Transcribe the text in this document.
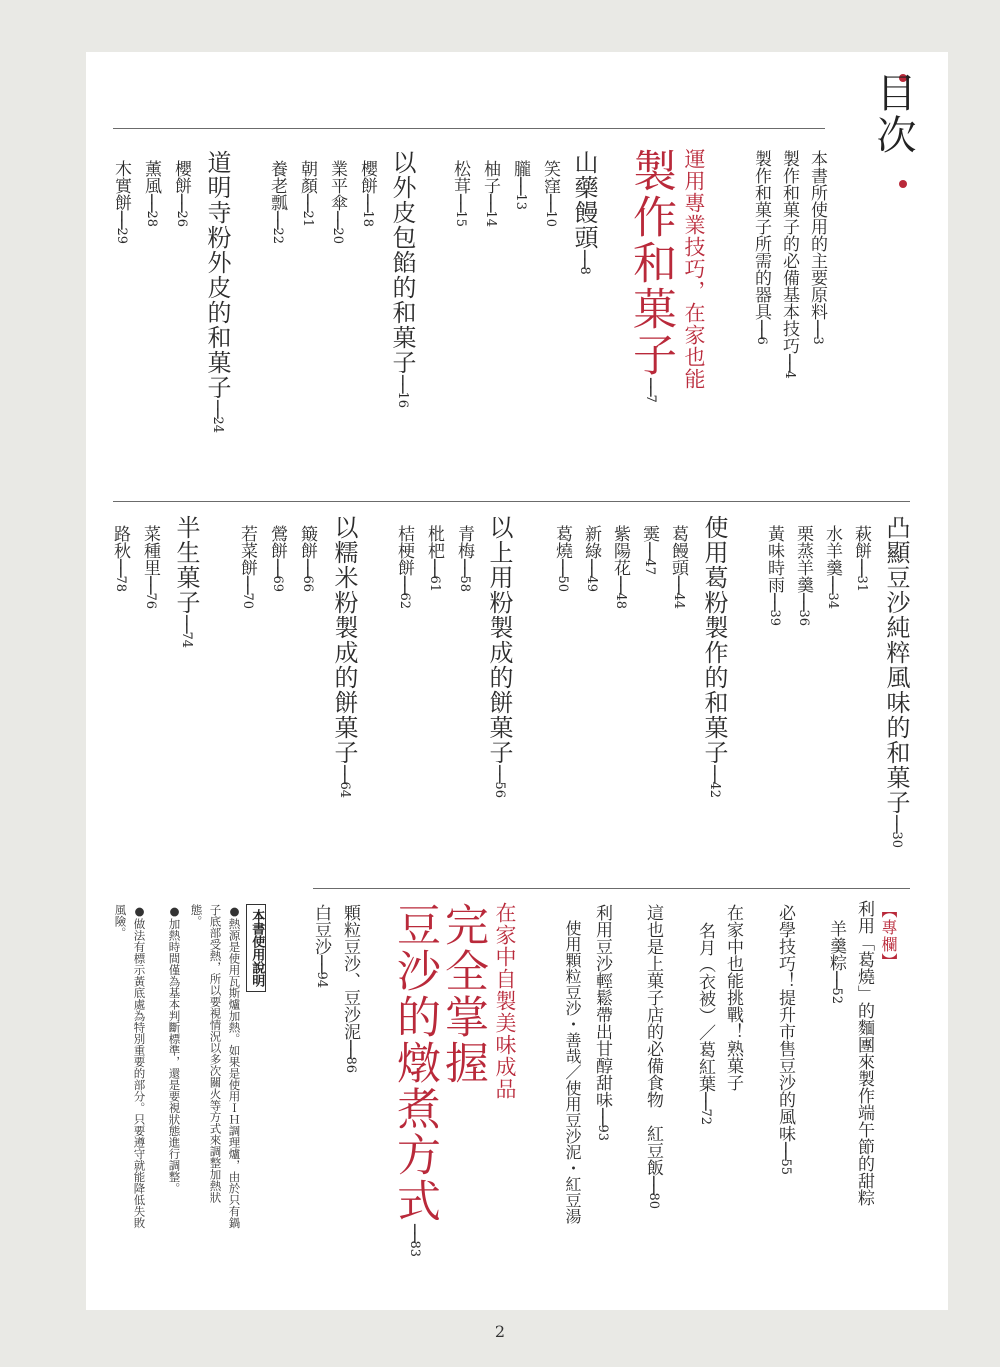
目次
本書所使用的主要原料──3
製作和菓子的必備基本技巧──4
製作和菓子所需的器具──6
運用專業技巧，在家也能
製作和菓子──7
山藥饅頭──8
笑窪──10
朧──13
柚子──14
松茸──15
以外皮包餡的和菓子──16
櫻餅──18
業平傘──20
朝顏──21
養老瓢──22
道明寺粉外皮的和菓子──24
櫻餅──26
薰風──28
木實餅──29
凸顯豆沙純粹風味的和菓子──30
萩餅──31
水羊羹──34
栗蒸羊羹──36
黃味時雨──39
使用葛粉製作的和菓子──42
葛饅頭──44
霙──47
紫陽花──48
新綠──49
葛燒──50
以上用粉製成的餅菓子──56
青梅──58
枇杷──61
桔梗餅──62
以糯米粉製成的餅菓子──64
簸餅──66
鶯餅──69
若菜餅──70
半生菓子──74
菜種里──76
路秋──78
【專欄】
利用「葛燒」的麵團來製作端午節的甜粽
羊羹粽──52
必學技巧！提升市售豆沙的風味──55
在家中也能挑戰！熟菓子
名月（衣被）／葛紅葉──72
這也是上菓子店的必備食物　紅豆飯──80
利用豆沙輕鬆帶出甘醇甜味──93
使用顆粒豆沙・善哉／使用豆沙泥・紅豆湯
在家中自製美味成品
完全掌握
豆沙的燉煮方式──83
顆粒豆沙、豆沙泥──86
白豆沙──94
本書使用說明
●熱源是使用瓦斯爐加熱。如果是使用ＩＨ調理爐，由於只有鍋
子底部受熱，所以要視情況以多次關火等方式來調整加熱狀
態。
●加熱時間僅為基本判斷標準，還是要視狀態進行調整。
●做法有標示黃底處為特別重要的部分。只要遵守就能降低失敗
風險。
2
